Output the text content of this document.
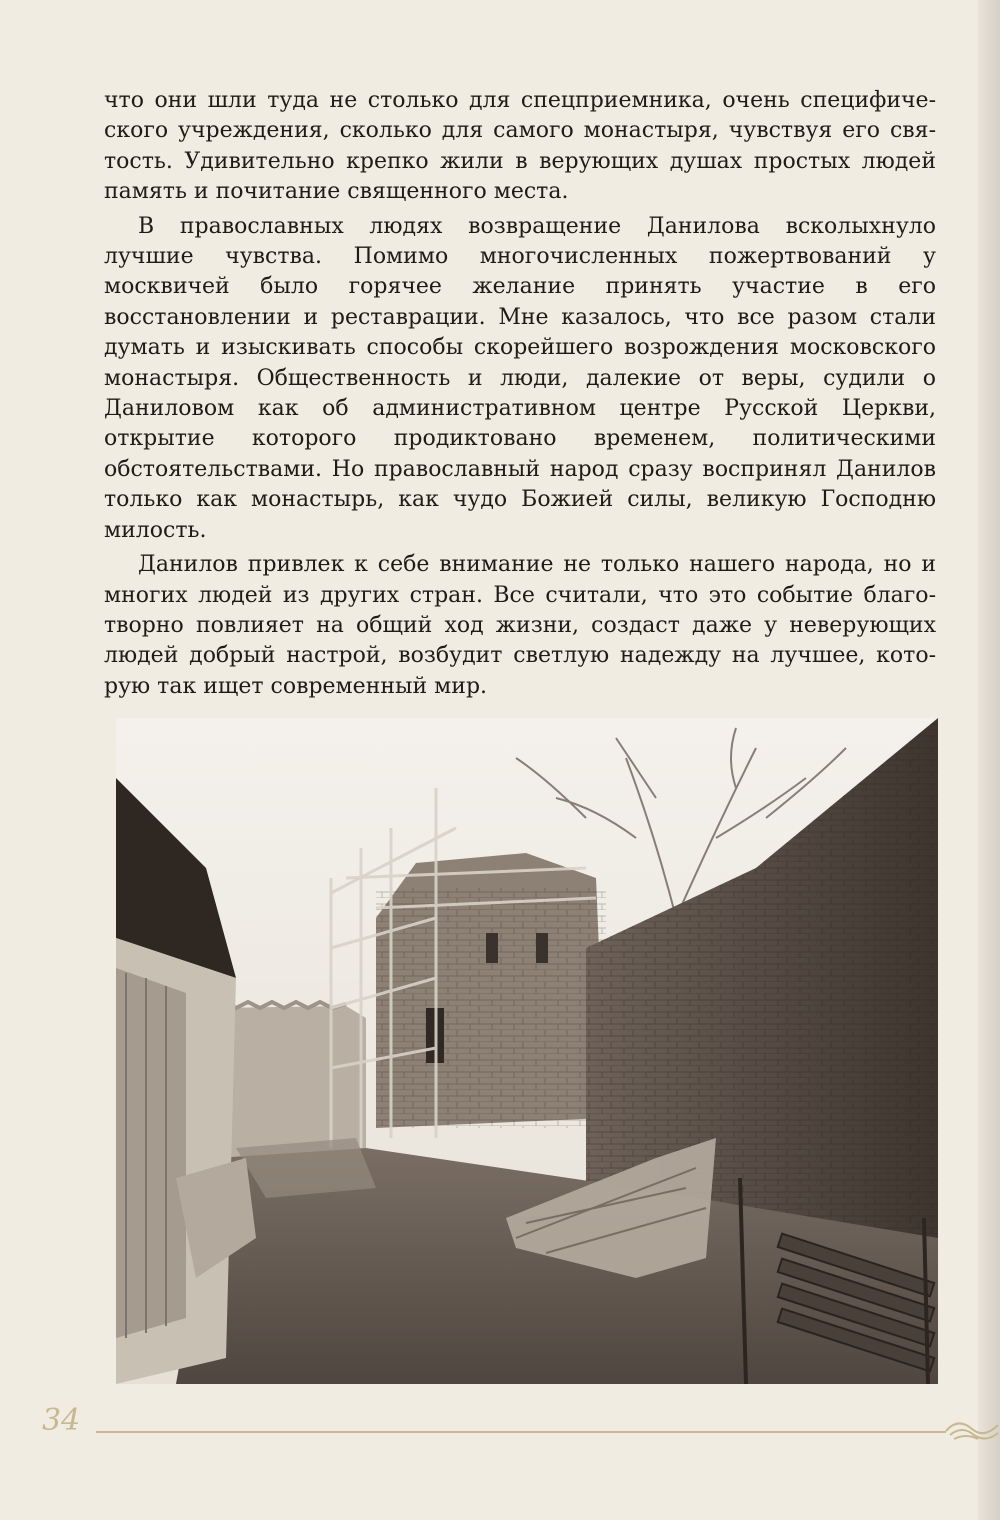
что они шли туда не столько для спецприемника, очень специфического учреждения, сколько для самого монастыря, чувствуя его святость. Удивительно крепко жили в верующих душах простых людей память и почитание священного места.

В православных людях возвращение Данилова всколыхнуло лучшие чувства. Помимо многочисленных пожертвований у москвичей было горячее желание принять участие в его восстановлении и реставрации. Мне казалось, что все разом стали думать и изыскивать способы скорейшего возрождения московского монастыря. Общественность и люди, далекие от веры, судили о Даниловом как об административном центре Русской Церкви, открытие которого продиктовано временем, политическими обстоятельствами. Но православный народ сразу воспринял Данилов только как монастырь, как чудо Божией силы, великую Господню милость.

Данилов привлек к себе внимание не только нашего народа, но и многих людей из других стран. Все считали, что это событие благотворно повлияет на общий ход жизни, создаст даже у неверующих людей добрый настрой, возбудит светлую надежду на лучшее, которую так ищет современный мир.

34
